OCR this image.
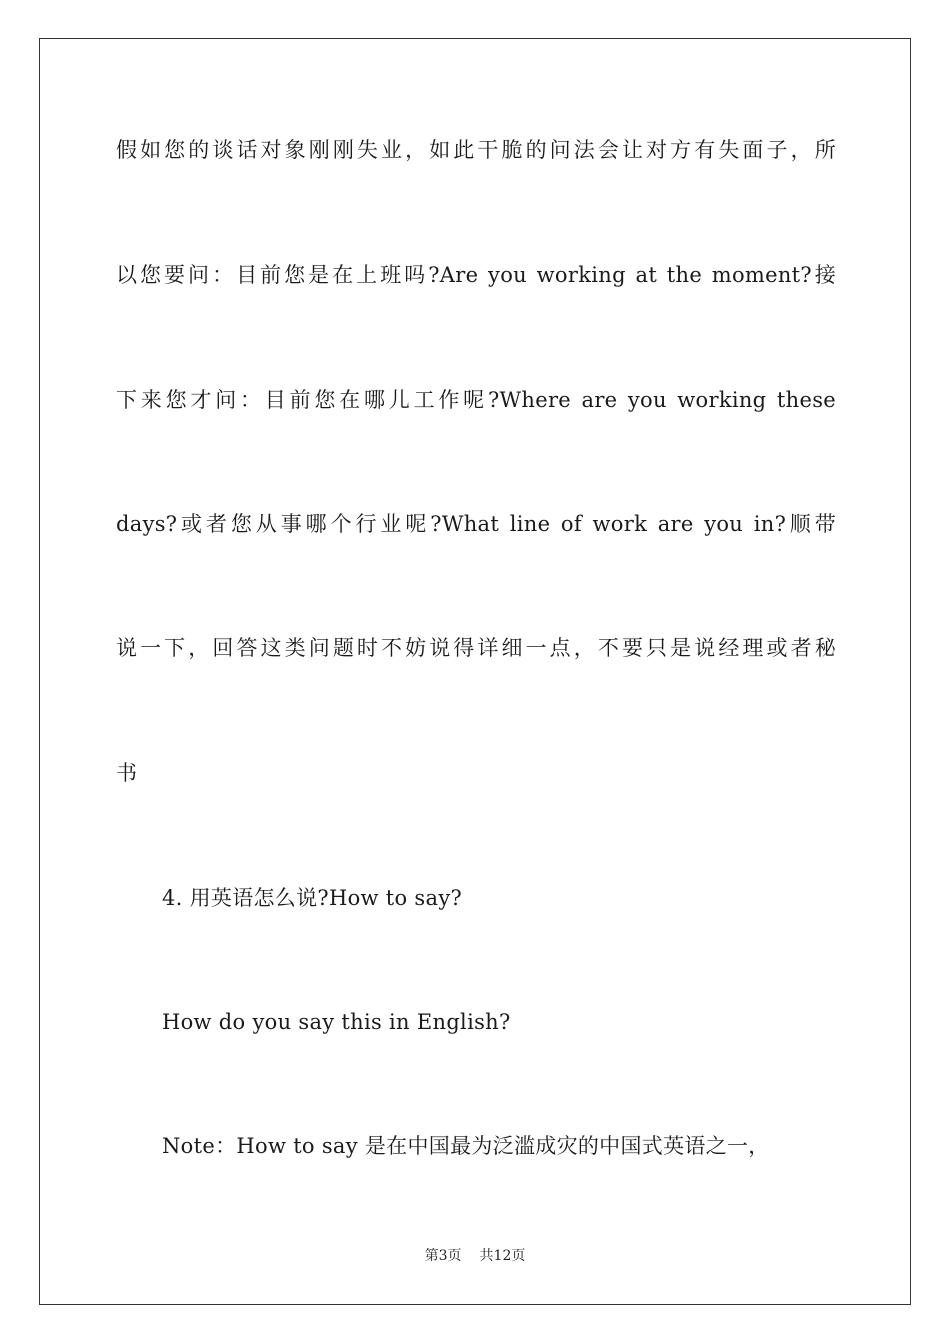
假如您的谈话对象刚刚失业，如此干脆的问法会让对方有失面子，所
以您要问：目前您是在上班吗?Are you working at the moment?接
下来您才问：目前您在哪儿工作呢?Where are you working these
days?或者您从事哪个行业呢?What line of work are you in?顺带
说一下，回答这类问题时不妨说得详细一点，不要只是说经理或者秘
书
4. 用英语怎么说?How to say?
How do you say this in English?
Note：How to say 是在中国最为泛滥成灾的中国式英语之一，
第3页 共12页
